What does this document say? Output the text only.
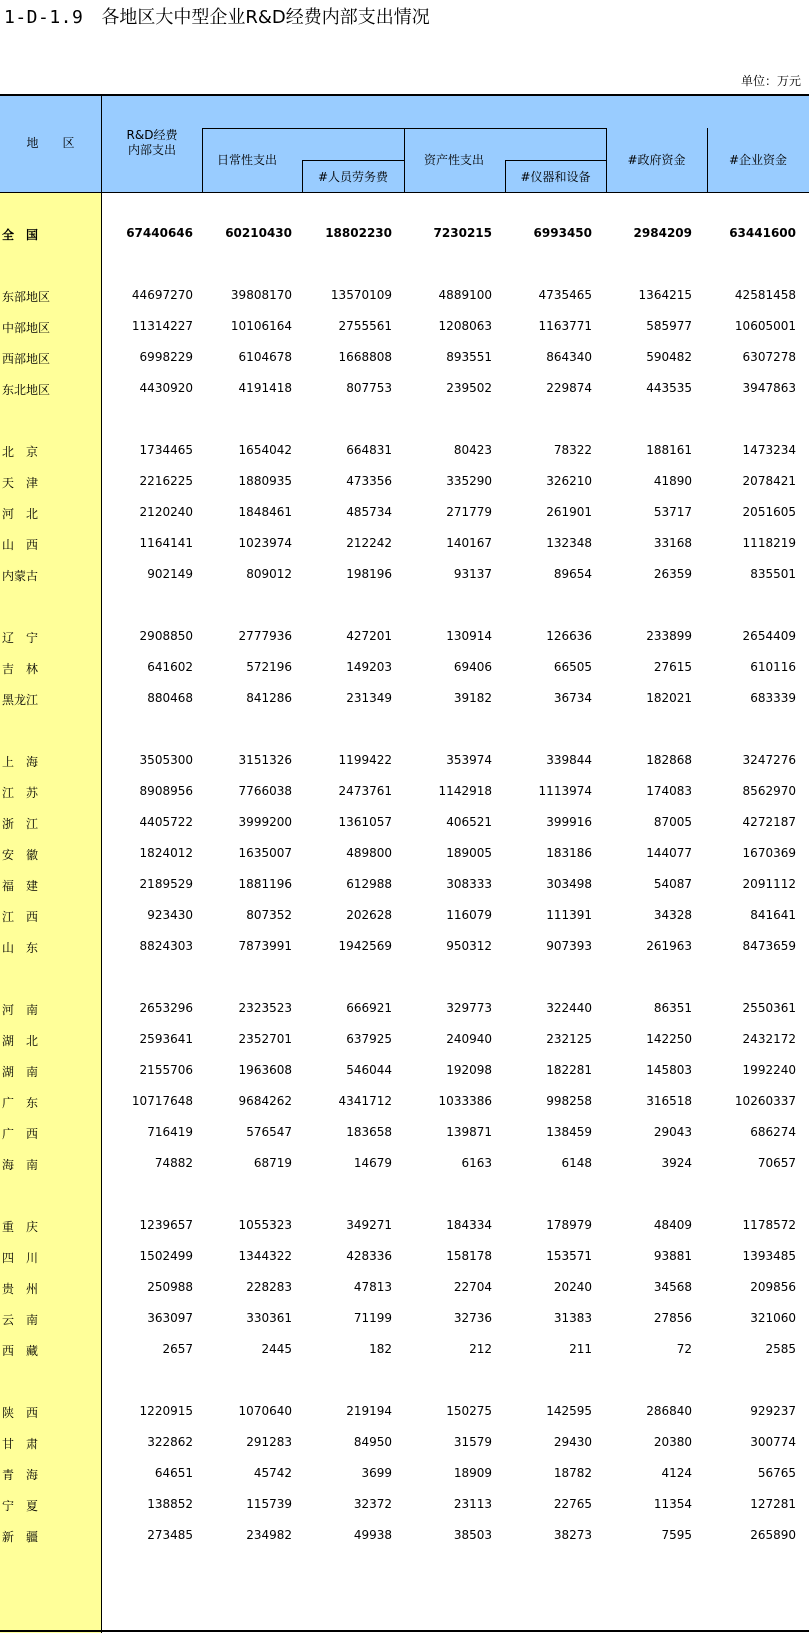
1-D-1.9 各地区大中型企业R&D经费内部支出情况
单位：万元
地　　区
R&D经费
内部支出
日常性支出
#人员劳务费
资产性支出
#仪器和设备
#政府资金	#企业资金
全　国	67440646	60210430	18802230	7230215	6993450	2984209	63441600
东部地区	44697270	39808170	13570109	4889100	4735465	1364215	42581458
中部地区	11314227	10106164	2755561	1208063	1163771	585977	10605001
西部地区	6998229	6104678	1668808	893551	864340	590482	6307278
东北地区	4430920	4191418	807753	239502	229874	443535	3947863
北　京	1734465	1654042	664831	80423	78322	188161	1473234
天　津	2216225	1880935	473356	335290	326210	41890	2078421
河　北	2120240	1848461	485734	271779	261901	53717	2051605
山　西	1164141	1023974	212242	140167	132348	33168	1118219
内蒙古	902149	809012	198196	93137	89654	26359	835501
辽　宁	2908850	2777936	427201	130914	126636	233899	2654409
吉　林	641602	572196	149203	69406	66505	27615	610116
黑龙江	880468	841286	231349	39182	36734	182021	683339
上　海	3505300	3151326	1199422	353974	339844	182868	3247276
江　苏	8908956	7766038	2473761	1142918	1113974	174083	8562970
浙　江	4405722	3999200	1361057	406521	399916	87005	4272187
安　徽	1824012	1635007	489800	189005	183186	144077	1670369
福　建	2189529	1881196	612988	308333	303498	54087	2091112
江　西	923430	807352	202628	116079	111391	34328	841641
山　东	8824303	7873991	1942569	950312	907393	261963	8473659
河　南	2653296	2323523	666921	329773	322440	86351	2550361
湖　北	2593641	2352701	637925	240940	232125	142250	2432172
湖　南	2155706	1963608	546044	192098	182281	145803	1992240
广　东	10717648	9684262	4341712	1033386	998258	316518	10260337
广　西	716419	576547	183658	139871	138459	29043	686274
海　南	74882	68719	14679	6163	6148	3924	70657
重　庆	1239657	1055323	349271	184334	178979	48409	1178572
四　川	1502499	1344322	428336	158178	153571	93881	1393485
贵　州	250988	228283	47813	22704	20240	34568	209856
云　南	363097	330361	71199	32736	31383	27856	321060
西　藏	2657	2445	182	212	211	72	2585
陕　西	1220915	1070640	219194	150275	142595	286840	929237
甘　肃	322862	291283	84950	31579	29430	20380	300774
青　海	64651	45742	3699	18909	18782	4124	56765
宁　夏	138852	115739	32372	23113	22765	11354	127281
新　疆	273485	234982	49938	38503	38273	7595	265890
